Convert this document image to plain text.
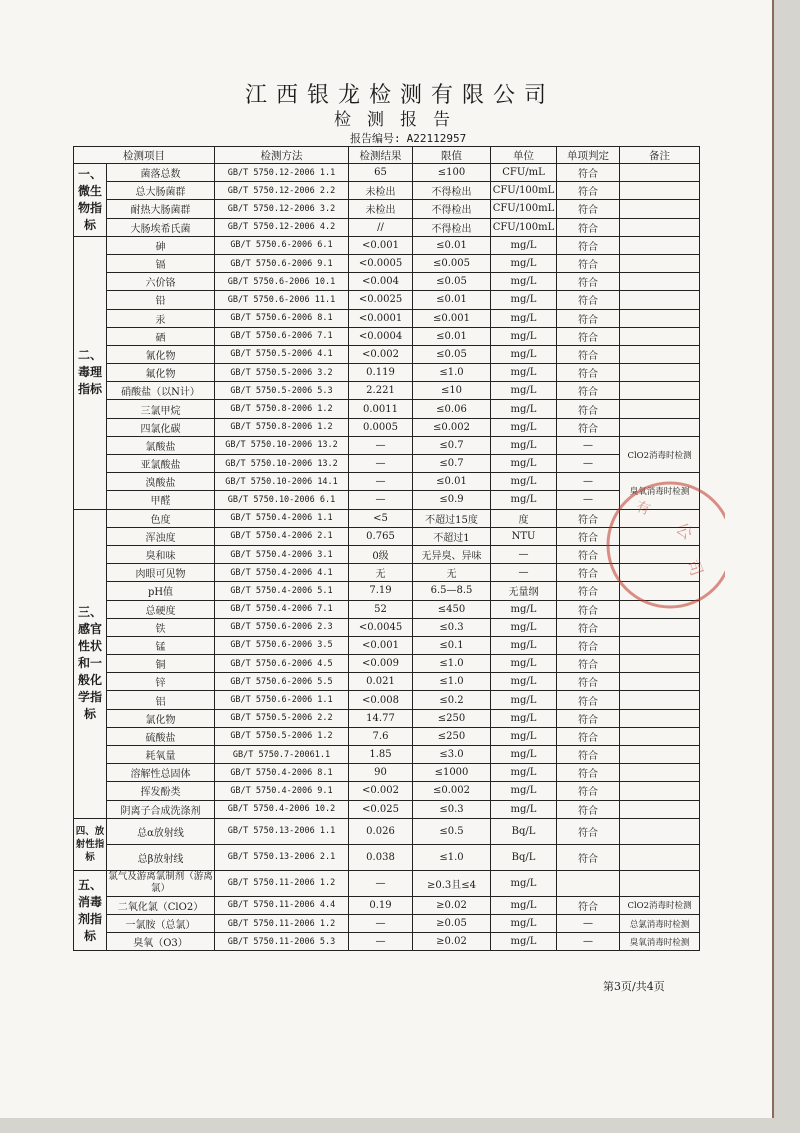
江西银龙检测有限公司
检测报告
报告编号: A22112957
检测项目		检测方法	检测结果	限值	单位	单项判定	备注
一、微生物指标	菌落总数	GB/T 5750.12-2006 1.1	65	≤100	CFU/mL	符合	
	总大肠菌群	GB/T 5750.12-2006 2.2	未检出	不得检出	CFU/100mL	符合	
	耐热大肠菌群	GB/T 5750.12-2006 3.2	未检出	不得检出	CFU/100mL	符合	
	大肠埃希氏菌	GB/T 5750.12-2006 4.2	//	不得检出	CFU/100mL	符合	
二、毒理指标	砷	GB/T 5750.6-2006 6.1	<0.001	≤0.01	mg/L	符合	
	镉	GB/T 5750.6-2006 9.1	<0.0005	≤0.005	mg/L	符合	
	六价铬	GB/T 5750.6-2006 10.1	<0.004	≤0.05	mg/L	符合	
	铅	GB/T 5750.6-2006 11.1	<0.0025	≤0.01	mg/L	符合	
	汞	GB/T 5750.6-2006 8.1	<0.0001	≤0.001	mg/L	符合	
	硒	GB/T 5750.6-2006 7.1	<0.0004	≤0.01	mg/L	符合	
	氰化物	GB/T 5750.5-2006 4.1	<0.002	≤0.05	mg/L	符合	
	氟化物	GB/T 5750.5-2006 3.2	0.119	≤1.0	mg/L	符合	
	硝酸盐（以N计）	GB/T 5750.5-2006 5.3	2.221	≤10	mg/L	符合	
	三氯甲烷	GB/T 5750.8-2006 1.2	0.0011	≤0.06	mg/L	符合	
	四氯化碳	GB/T 5750.8-2006 1.2	0.0005	≤0.002	mg/L	符合	
	氯酸盐	GB/T 5750.10-2006 13.2	—	≤0.7	mg/L	—	ClO2消毒时检测
	亚氯酸盐	GB/T 5750.10-2006 13.2	—	≤0.7	mg/L	—	
	溴酸盐	GB/T 5750.10-2006 14.1	—	≤0.01	mg/L	—	臭氧消毒时检测
	甲醛	GB/T 5750.10-2006 6.1	—	≤0.9	mg/L	—	
三、感官性状和一般化学指标	色度	GB/T 5750.4-2006 1.1	<5	不超过15度	度	符合	
	浑浊度	GB/T 5750.4-2006 2.1	0.765	不超过1	NTU	符合	
	臭和味	GB/T 5750.4-2006 3.1	0级	无异臭、异味	—	符合	
	肉眼可见物	GB/T 5750.4-2006 4.1	无	无	—	符合	
	pH值	GB/T 5750.4-2006 5.1	7.19	6.5—8.5	无量纲	符合	
	总硬度	GB/T 5750.4-2006 7.1	52	≤450	mg/L	符合	
	铁	GB/T 5750.6-2006 2.3	<0.0045	≤0.3	mg/L	符合	
	锰	GB/T 5750.6-2006 3.5	<0.001	≤0.1	mg/L	符合	
	铜	GB/T 5750.6-2006 4.5	<0.009	≤1.0	mg/L	符合	
	锌	GB/T 5750.6-2006 5.5	0.021	≤1.0	mg/L	符合	
	铝	GB/T 5750.6-2006 1.1	<0.008	≤0.2	mg/L	符合	
	氯化物	GB/T 5750.5-2006 2.2	14.77	≤250	mg/L	符合	
	硫酸盐	GB/T 5750.5-2006 1.2	7.6	≤250	mg/L	符合	
	耗氧量	GB/T 5750.7-20061.1	1.85	≤3.0	mg/L	符合	
	溶解性总固体	GB/T 5750.4-2006 8.1	90	≤1000	mg/L	符合	
	挥发酚类	GB/T 5750.4-2006 9.1	<0.002	≤0.002	mg/L	符合	
	阴离子合成洗涤剂	GB/T 5750.4-2006 10.2	<0.025	≤0.3	mg/L	符合	
四、放射性指标	总α放射线	GB/T 5750.13-2006 1.1	0.026	≤0.5	Bq/L	符合	
	总β放射线	GB/T 5750.13-2006 2.1	0.038	≤1.0	Bq/L	符合	
五、消毒剂指标	氯气及游离氯制剂（游离氯）	GB/T 5750.11-2006 1.2	—	≥0.3且≤4	mg/L		
	二氧化氯（ClO2）	GB/T 5750.11-2006 4.4	0.19	≥0.02	mg/L	符合	ClO2消毒时检测
	一氯胺（总氯）	GB/T 5750.11-2006 1.2	—	≥0.05	mg/L	—	总氯消毒时检测
	臭氧（O3）	GB/T 5750.11-2006 5.3	—	≥0.02	mg/L	—	臭氧消毒时检测
第3页/共4页
公
司
有
